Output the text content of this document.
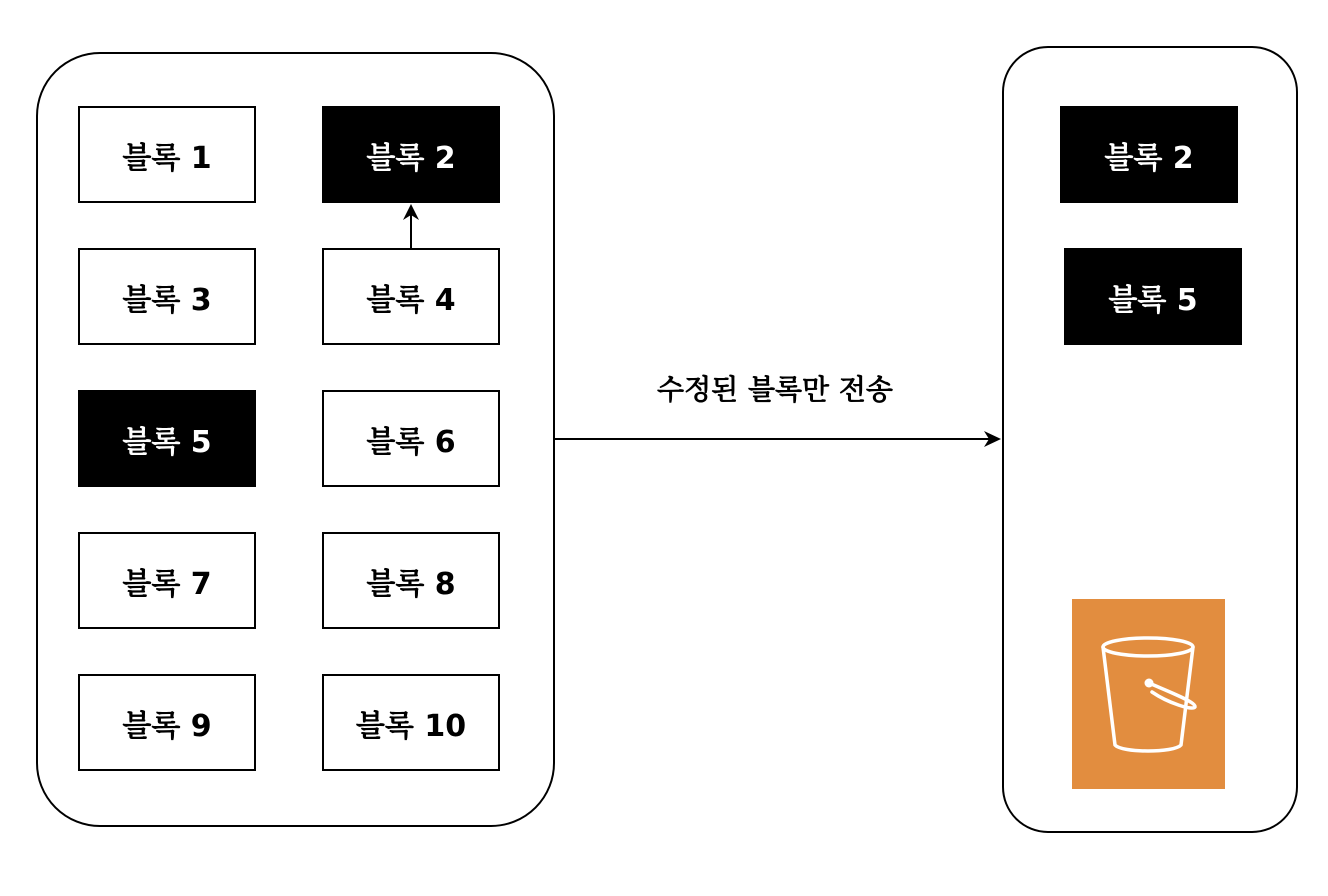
블록 1	블록 2
블록 3	블록 4
블록 5	블록 6
블록 7	블록 8
블록 9	블록 10
블록 2
블록 5
수정된 블록만 전송
